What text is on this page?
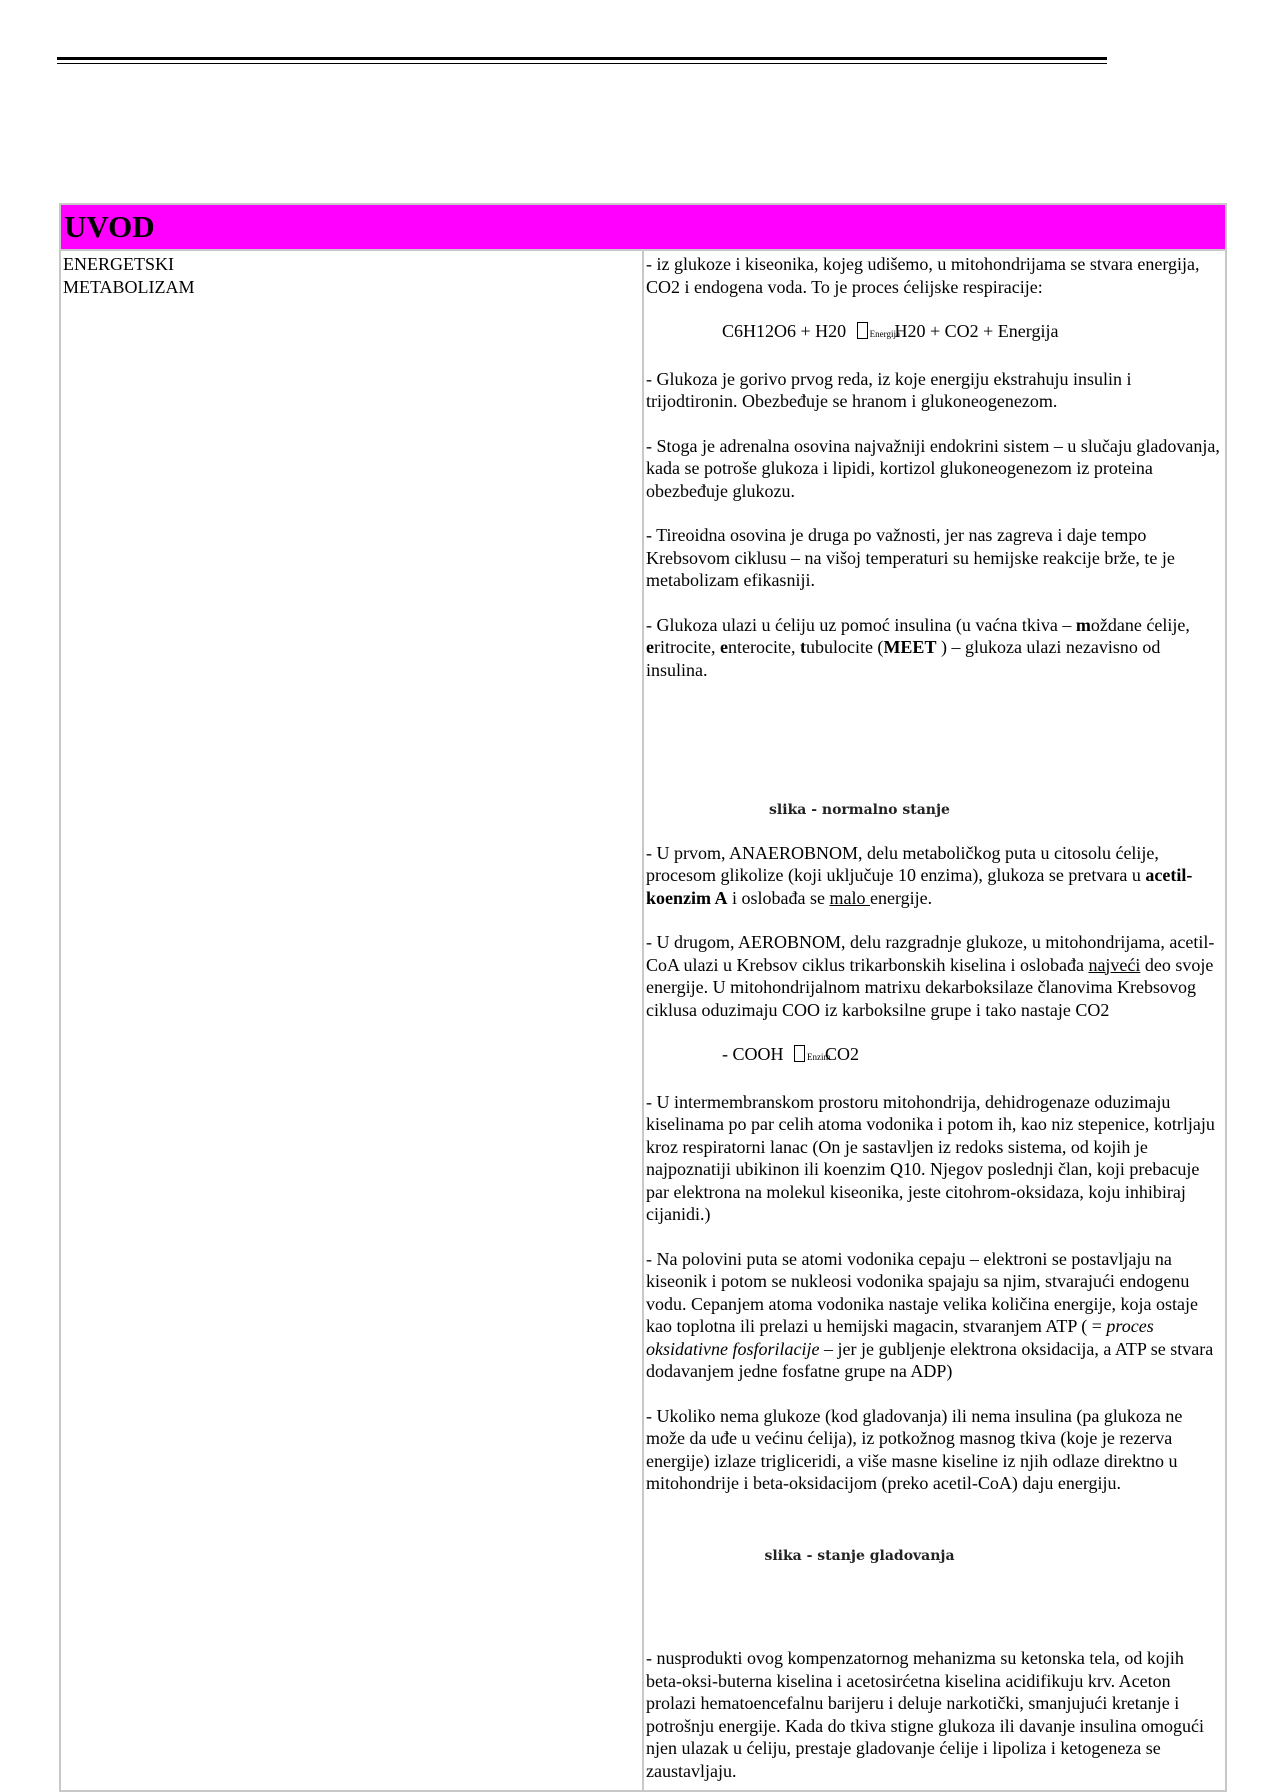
UVOD

ENERGETSKI
METABOLIZAM

- iz glukoze i kiseonika, kojeg udišemo, u mitohondrijama se stvara energija, CO2 i endogena voda. To je proces ćelijske respiracije:

C6H12O6 + H20	Energija H20 + CO2 + Energija

- Glukoza je gorivo prvog reda, iz koje energiju ekstrahuju insulin i trijodtironin. Obezbeđuje se hranom i glukoneogenezom.

- Stoga je adrenalna osovina najvažniji endokrini sistem – u slučaju gladovanja, kada se potroše glukoza i lipidi, kortizol glukoneogenezom iz proteina obezbeđuje glukozu.

- Tireoidna osovina je druga po važnosti, jer nas zagreva i daje tempo Krebsovom ciklusu – na višoj temperaturi su hemijske reakcije brže, te je metabolizam efikasniji.

- Glukoza ulazi u ćeliju uz pomoć insulina (u vaćna tkiva – moždane ćelije, eritrocite, enterocite, tubulocite (MEET ) – glukoza ulazi nezavisno od insulina.

slika - normalno stanje

- U prvom, ANAEROBNOM, delu metaboličkog puta u citosolu ćelije, procesom glikolize (koji uključuje 10 enzima), glukoza se pretvara u acetil-koenzim A i oslobađa se malo energije.

- U drugom, AEROBNOM, delu razgradnje glukoze, u mitohondrijama, acetil-CoA ulazi u Krebsov ciklus trikarbonskih kiselina i oslobađa najveći deo svoje energije. U mitohondrijalnom matrixu dekarboksilaze članovima Krebsovog ciklusa oduzimaju COO iz karboksilne grupe i tako nastaje CO2

- COOH	Enzim CO2

- U intermembranskom prostoru mitohondrija, dehidrogenaze oduzimaju kiselinama po par celih atoma vodonika i potom ih, kao niz stepenice, kotrljaju kroz respiratorni lanac (On je sastavljen iz redoks sistema, od kojih je najpoznatiji ubikinon ili koenzim Q10. Njegov poslednji član, koji prebacuje par elektrona na molekul kiseonika, jeste citohrom-oksidaza, koju inhibiraj cijanidi.)

- Na polovini puta se atomi vodonika cepaju – elektroni se postavljaju na kiseonik i potom se nukleosi vodonika spajaju sa njim, stvarajući endogenu vodu. Cepanjem atoma vodonika nastaje velika količina energije, koja ostaje kao toplotna ili prelazi u hemijski magacin, stvaranjem ATP ( = proces oksidativne fosforilacije – jer je gubljenje elektrona oksidacija, a ATP se stvara dodavanjem jedne fosfatne grupe na ADP)

- Ukoliko nema glukoze (kod gladovanja) ili nema insulina (pa glukoza ne može da uđe u većinu ćelija), iz potkožnog masnog tkiva (koje je rezerva energije) izlaze trigliceridi, a više masne kiseline iz njih odlaze direktno u mitohondrije i beta-oksidacijom (preko acetil-CoA) daju energiju.

slika - stanje gladovanja

- nusprodukti ovog kompenzatornog mehanizma su ketonska tela, od kojih beta-oksi-buterna kiselina i acetosirćetna kiselina acidifikuju krv. Aceton prolazi hematoencefalnu barijeru i deluje narkotički, smanjujući kretanje i potrošnju energije. Kada do tkiva stigne glukoza ili davanje insulina omogući njen ulazak u ćeliju, prestaje gladovanje ćelije i lipoliza i ketogeneza se zaustavljaju.
